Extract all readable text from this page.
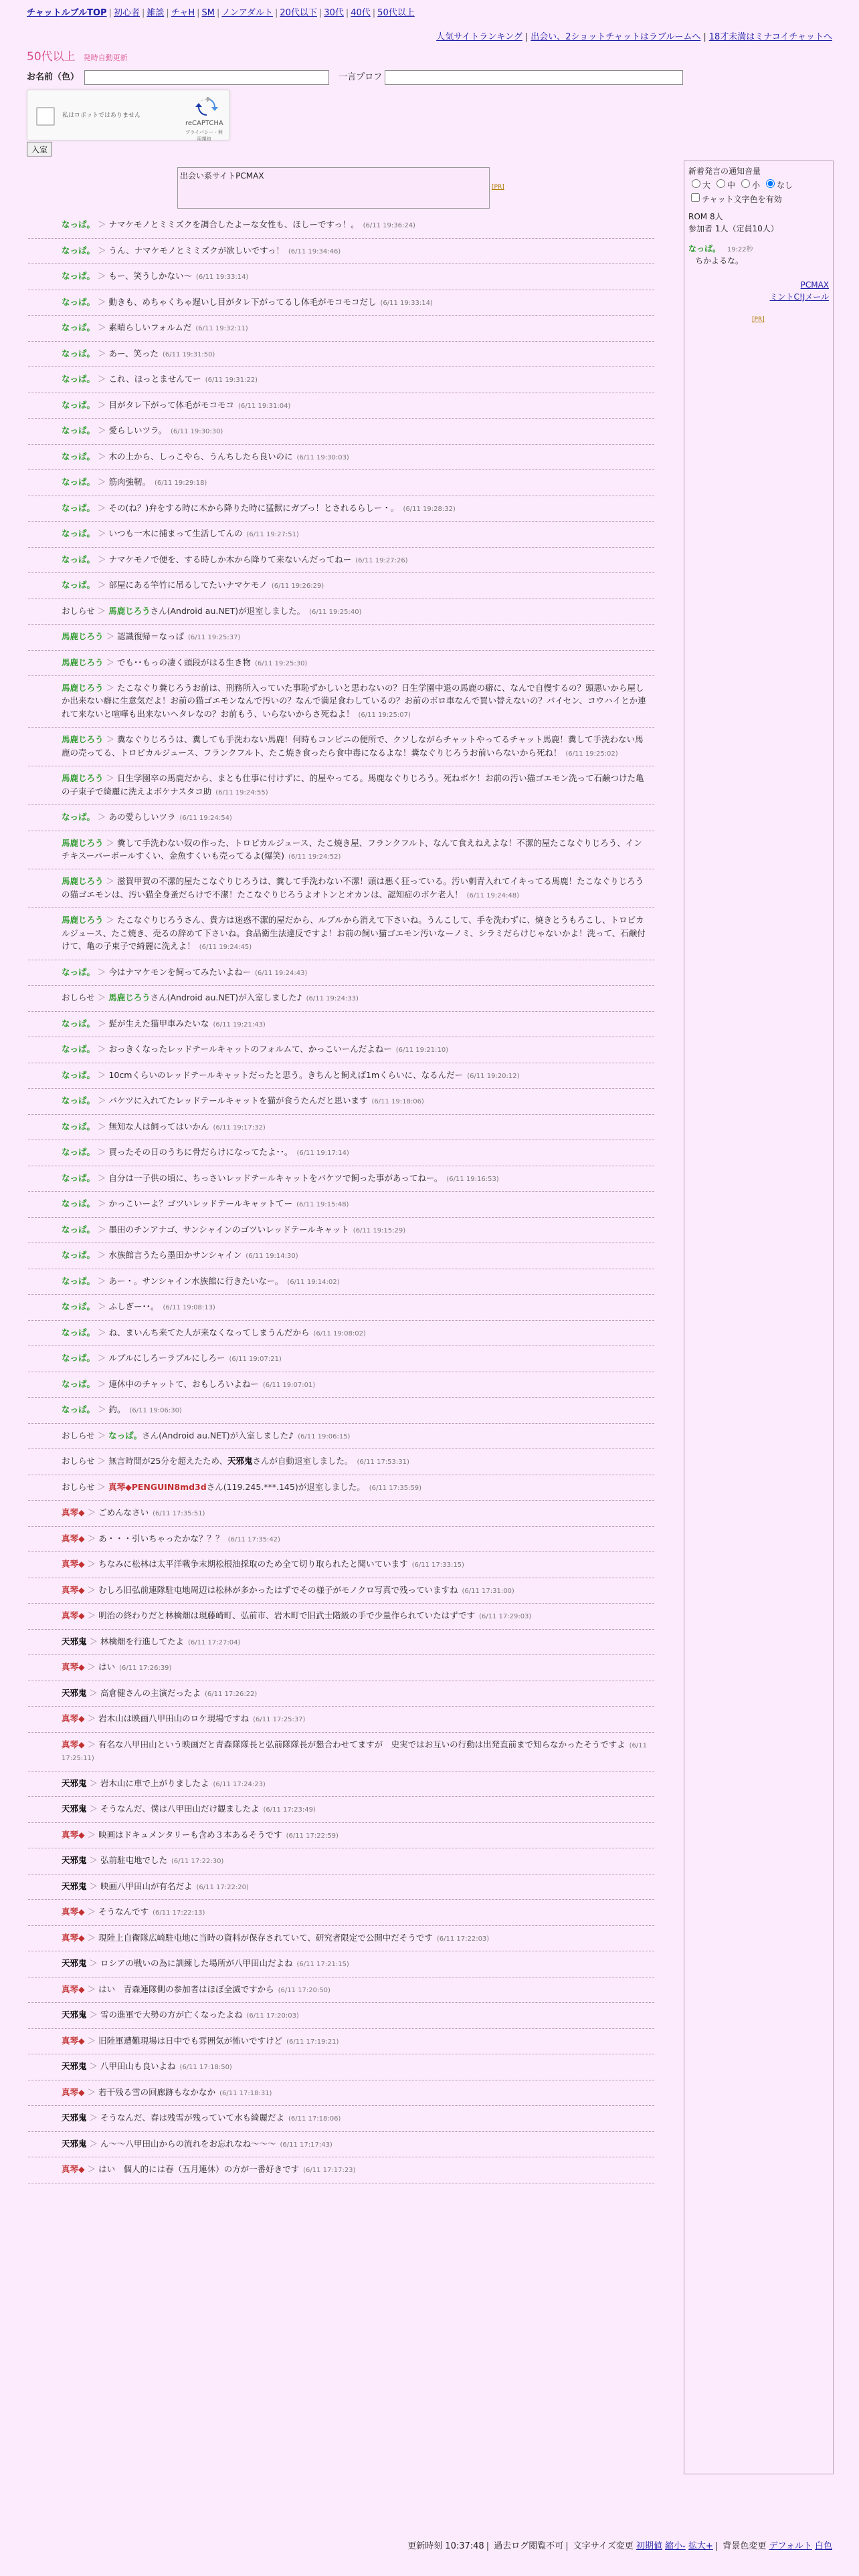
チャットルブルTOP | 初心者 | 雑談 | チャH | SM | ノンアダルト | 20代以下 | 30代 | 40代 | 50代以上
人気サイトランキング | 出会い、2ショットチャットはラブルームへ | 18才未満はミナコイチャットへ
50代以上 発時自動更新
お名前（色）	一言プロフ
私はロボットではありません
reCAPTCHA
プライバシー - 利用規約
入室
出会い系サイトPCMAX
[PR]
なっぱ。 ＞ ナマケモノとミミズクを調合したよーな女性も、ほしーですっ！。 (6/11 19:36:24)
なっぱ。 ＞ うん、ナマケモノとミミズクが欲しいですっ！ (6/11 19:34:46)
なっぱ。 ＞ もー、笑うしかない～ (6/11 19:33:14)
なっぱ。 ＞ 動きも、めちゃくちゃ遅いし目がタレ下がってるし体毛がモコモコだし (6/11 19:33:14)
なっぱ。 ＞ 素晴らしいフォルムだ (6/11 19:32:11)
なっぱ。 ＞ あー、笑った (6/11 19:31:50)
なっぱ。 ＞ これ、ほっとませんてー (6/11 19:31:22)
なっぱ。 ＞ 目がタレ下がって体毛がモコモコ (6/11 19:31:04)
なっぱ。 ＞ 愛らしいツラ。 (6/11 19:30:30)
なっぱ。 ＞ 木の上から、しっこやら、うんちしたら良いのに (6/11 19:30:03)
なっぱ。 ＞ 筋肉強靭。 (6/11 19:29:18)
なっぱ。 ＞ その(ね？)弁をする時に木から降りた時に猛獣にガブっ！とされるらしー・。 (6/11 19:28:32)
なっぱ。 ＞ いつも一木に捕まって生活してんの (6/11 19:27:51)
なっぱ。 ＞ ナマケモノで便を、する時しか木から降りて来ないんだってねー (6/11 19:27:26)
なっぱ。 ＞ 部屋にある竿竹に吊るしてたいナマケモノ (6/11 19:26:29)
おしらせ ＞ 馬鹿じろうさん(Android au.NET)が退室しました。 (6/11 19:25:40)
馬鹿じろう ＞ 認識復帰＝なっぱ (6/11 19:25:37)
馬鹿じろう ＞ でも･･もっの凄く頭段がはる生き物 (6/11 19:25:30)
馬鹿じろう ＞ たこなぐり糞じろうお前は、刑務所入っていた事恥ずかしいと思わないの？日生学園中退の馬鹿の癖に、なんで自慢するの？頭悪いから屋しか出来ない癖に生意気だよ！お前の猫ゴエモンなんで汚いの？なんで満足食わしているの？お前のボロ車なんで買い替えないの？バイセン、コウハイとか連れて来ないと喧嘩も出来ないヘタレなの？お前もう、いらないからさ死ねよ！ (6/11 19:25:07)
馬鹿じろう ＞ 糞なぐりじろうは、糞しても手洗わない馬鹿！何時もコンビニの便所で、クソしながらチャットやってるチャット馬鹿！糞して手洗わない馬鹿の売ってる、トロピカルジュース、フランクフルト、たこ焼き食ったら食中毒になるよな！糞なぐりじろうお前いらないから死ね！ (6/11 19:25:02)
馬鹿じろう ＞ 日生学園卒の馬鹿だから、まとも仕事に付けずに、的屋やってる。馬鹿なぐりじろう。死ねボケ！お前の汚い猫ゴエモン洗って石鹸つけた亀の子束子で綺麗に洗えよボケナスタコ助 (6/11 19:24:55)
なっぱ。 ＞ あの愛らしいツラ (6/11 19:24:54)
馬鹿じろう ＞ 糞して手洗わない奴の作った、トロピカルジュース、たこ焼き屋、フランクフルト、なんて食えねえよな！不潔的屋たこなぐりじろう、インチキスーパーボールすくい、金魚すくいも売ってるよ(爆笑) (6/11 19:24:52)
馬鹿じろう ＞ 滋賀甲賀の不潔的屋たこなぐりじろうは、糞して手洗わない不潔！頭は悪く狂っている。汚い刺青入れてイキってる馬鹿！たこなぐりじろうの猫ゴエモンは、汚い猫全身蚤だらけで不潔！たこなぐりじろうよオトンとオカンは、認知症のボケ老人！ (6/11 19:24:48)
馬鹿じろう ＞ たこなぐりじろうさん、貴方は迷惑不潔的屋だから、ルブルから消えて下さいね。うんこして、手を洗わずに、焼きとうもろこし、トロピカルジュース、たこ焼き、売るの辞めて下さいね。食品衛生法違反ですよ！お前の飼い猫ゴエモン汚いなーノミ、シラミだらけじゃないかよ！洗って、石鹸付けて、亀の子束子で綺麗に洗えよ！ (6/11 19:24:45)
なっぱ。 ＞ 今はナマケモンを飼ってみたいよねー (6/11 19:24:43)
おしらせ ＞ 馬鹿じろうさん(Android au.NET)が入室しました♪ (6/11 19:24:33)
なっぱ。 ＞ 髭が生えた猫甲車みたいな (6/11 19:21:43)
なっぱ。 ＞ おっきくなったレッドテールキャットのフォルムて、かっこいーんだよねー (6/11 19:21:10)
なっぱ。 ＞ 10cmくらいのレッドテールキャットだったと思う。きちんと飼えば1mくらいに、なるんだー (6/11 19:20:12)
なっぱ。 ＞ バケツに入れてたレッドテールキャットを猫が食うたんだと思います (6/11 19:18:06)
なっぱ。 ＞ 無知な人は飼ってはいかん (6/11 19:17:32)
なっぱ。 ＞ 買ったその日のうちに骨だらけになってたよ･･。 (6/11 19:17:14)
なっぱ。 ＞ 自分は一子供の頃に、ちっさいレッドテールキャットをバケツで飼った事があってねー。 (6/11 19:16:53)
なっぱ。 ＞ かっこいーよ？ゴツいレッドテールキャットてー (6/11 19:15:48)
なっぱ。 ＞ 墨田のチンアナゴ、サンシャインのゴツいレッドテールキャット (6/11 19:15:29)
なっぱ。 ＞ 水族館言うたら墨田かサンシャイン (6/11 19:14:30)
なっぱ。 ＞ あー・。サンシャイン水族館に行きたいなー。 (6/11 19:14:02)
なっぱ。 ＞ ふしぎー･･。 (6/11 19:08:13)
なっぱ。 ＞ ね、まいんち来てた人が来なくなってしまうんだから (6/11 19:08:02)
なっぱ。 ＞ ルブルにしろーラブルにしろー (6/11 19:07:21)
なっぱ。 ＞ 連休中のチャットて、おもしろいよねー (6/11 19:07:01)
なっぱ。 ＞ 釣。 (6/11 19:06:30)
おしらせ ＞ なっぱ。さん(Android au.NET)が入室しました♪ (6/11 19:06:15)
おしらせ ＞ 無言時間が25分を超えたため、天邪鬼さんが自動退室しました。 (6/11 17:53:31)
おしらせ ＞ 真琴◆PENGUIN8md3dさん(119.245.***.145)が退室しました。 (6/11 17:35:59)
真琴◆ ＞ ごめんなさい (6/11 17:35:51)
真琴◆ ＞ あ・・・引いちゃったかな？？？ (6/11 17:35:42)
真琴◆ ＞ ちなみに松林は太平洋戦争末期松根油採取のため全て切り取られたと聞いています (6/11 17:33:15)
真琴◆ ＞ むしろ旧弘前連隊駐屯地周辺は松林が多かったはずでその様子がモノクロ写真で残っていますね (6/11 17:31:00)
真琴◆ ＞ 明治の終わりだと林檎畑は現藤崎町、弘前市、岩木町で旧武士階級の手で少量作られていたはずです (6/11 17:29:03)
天邪鬼 ＞ 林檎畑を行進してたよ (6/11 17:27:04)
真琴◆ ＞ はい (6/11 17:26:39)
天邪鬼 ＞ 高倉健さんの主演だったよ (6/11 17:26:22)
真琴◆ ＞ 岩木山は映画八甲田山のロケ現場ですね (6/11 17:25:37)
真琴◆ ＞ 有名な八甲田山という映画だと青森隊隊長と弘前隊隊長が懇合わせてますが　史実ではお互いの行動は出発直前まで知らなかったそうですよ (6/11 17:25:11)
天邪鬼 ＞ 岩木山に車で上がりましたよ (6/11 17:24:23)
天邪鬼 ＞ そうなんだ、僕は八甲田山だけ観ましたよ (6/11 17:23:49)
真琴◆ ＞ 映画はドキュメンタリーも含め３本あるそうです (6/11 17:22:59)
天邪鬼 ＞ 弘前駐屯地でした (6/11 17:22:30)
天邪鬼 ＞ 映画八甲田山が有名だよ (6/11 17:22:20)
真琴◆ ＞ そうなんです (6/11 17:22:13)
真琴◆ ＞ 現陸上自衛隊広崎駐屯地に当時の資料が保存されていて、研究者限定で公開中だそうです (6/11 17:22:03)
天邪鬼 ＞ ロシアの戦いの為に訓練した場所が八甲田山だよね (6/11 17:21:15)
真琴◆ ＞ はい　青森連隊側の参加者はほぼ全滅ですから (6/11 17:20:50)
天邪鬼 ＞ 雪の進軍で大勢の方が亡くなったよね (6/11 17:20:03)
真琴◆ ＞ 旧陸軍遭難現場は日中でも雰囲気が怖いですけど (6/11 17:19:21)
天邪鬼 ＞ 八甲田山も良いよね (6/11 17:18:50)
真琴◆ ＞ 若干残る雪の回廊跡もなかなか (6/11 17:18:31)
天邪鬼 ＞ そうなんだ、春は残雪が残っていて水も綺麗だよ (6/11 17:18:06)
天邪鬼 ＞ ん〜〜八甲田山からの流れをお忘れなね〜〜〜 (6/11 17:17:43)
真琴◆ ＞ はい　個人的には春（五月連休）の方が一番好きです (6/11 17:17:23)
新着発言の通知音量
大 中 小 なし
チャット文字色を有効
ROM 8人
参加者 1人（定員10人）
なっぱ。 19:22秒
ちかよるな。
PCMAX
ミントC!Jメール
[PR]
更新時刻 10:37:48 | 過去ログ閲覧不可 | 文字サイズ変更 初期値 縮小- 拡大+ | 背景色変更 デフォルト 白色
